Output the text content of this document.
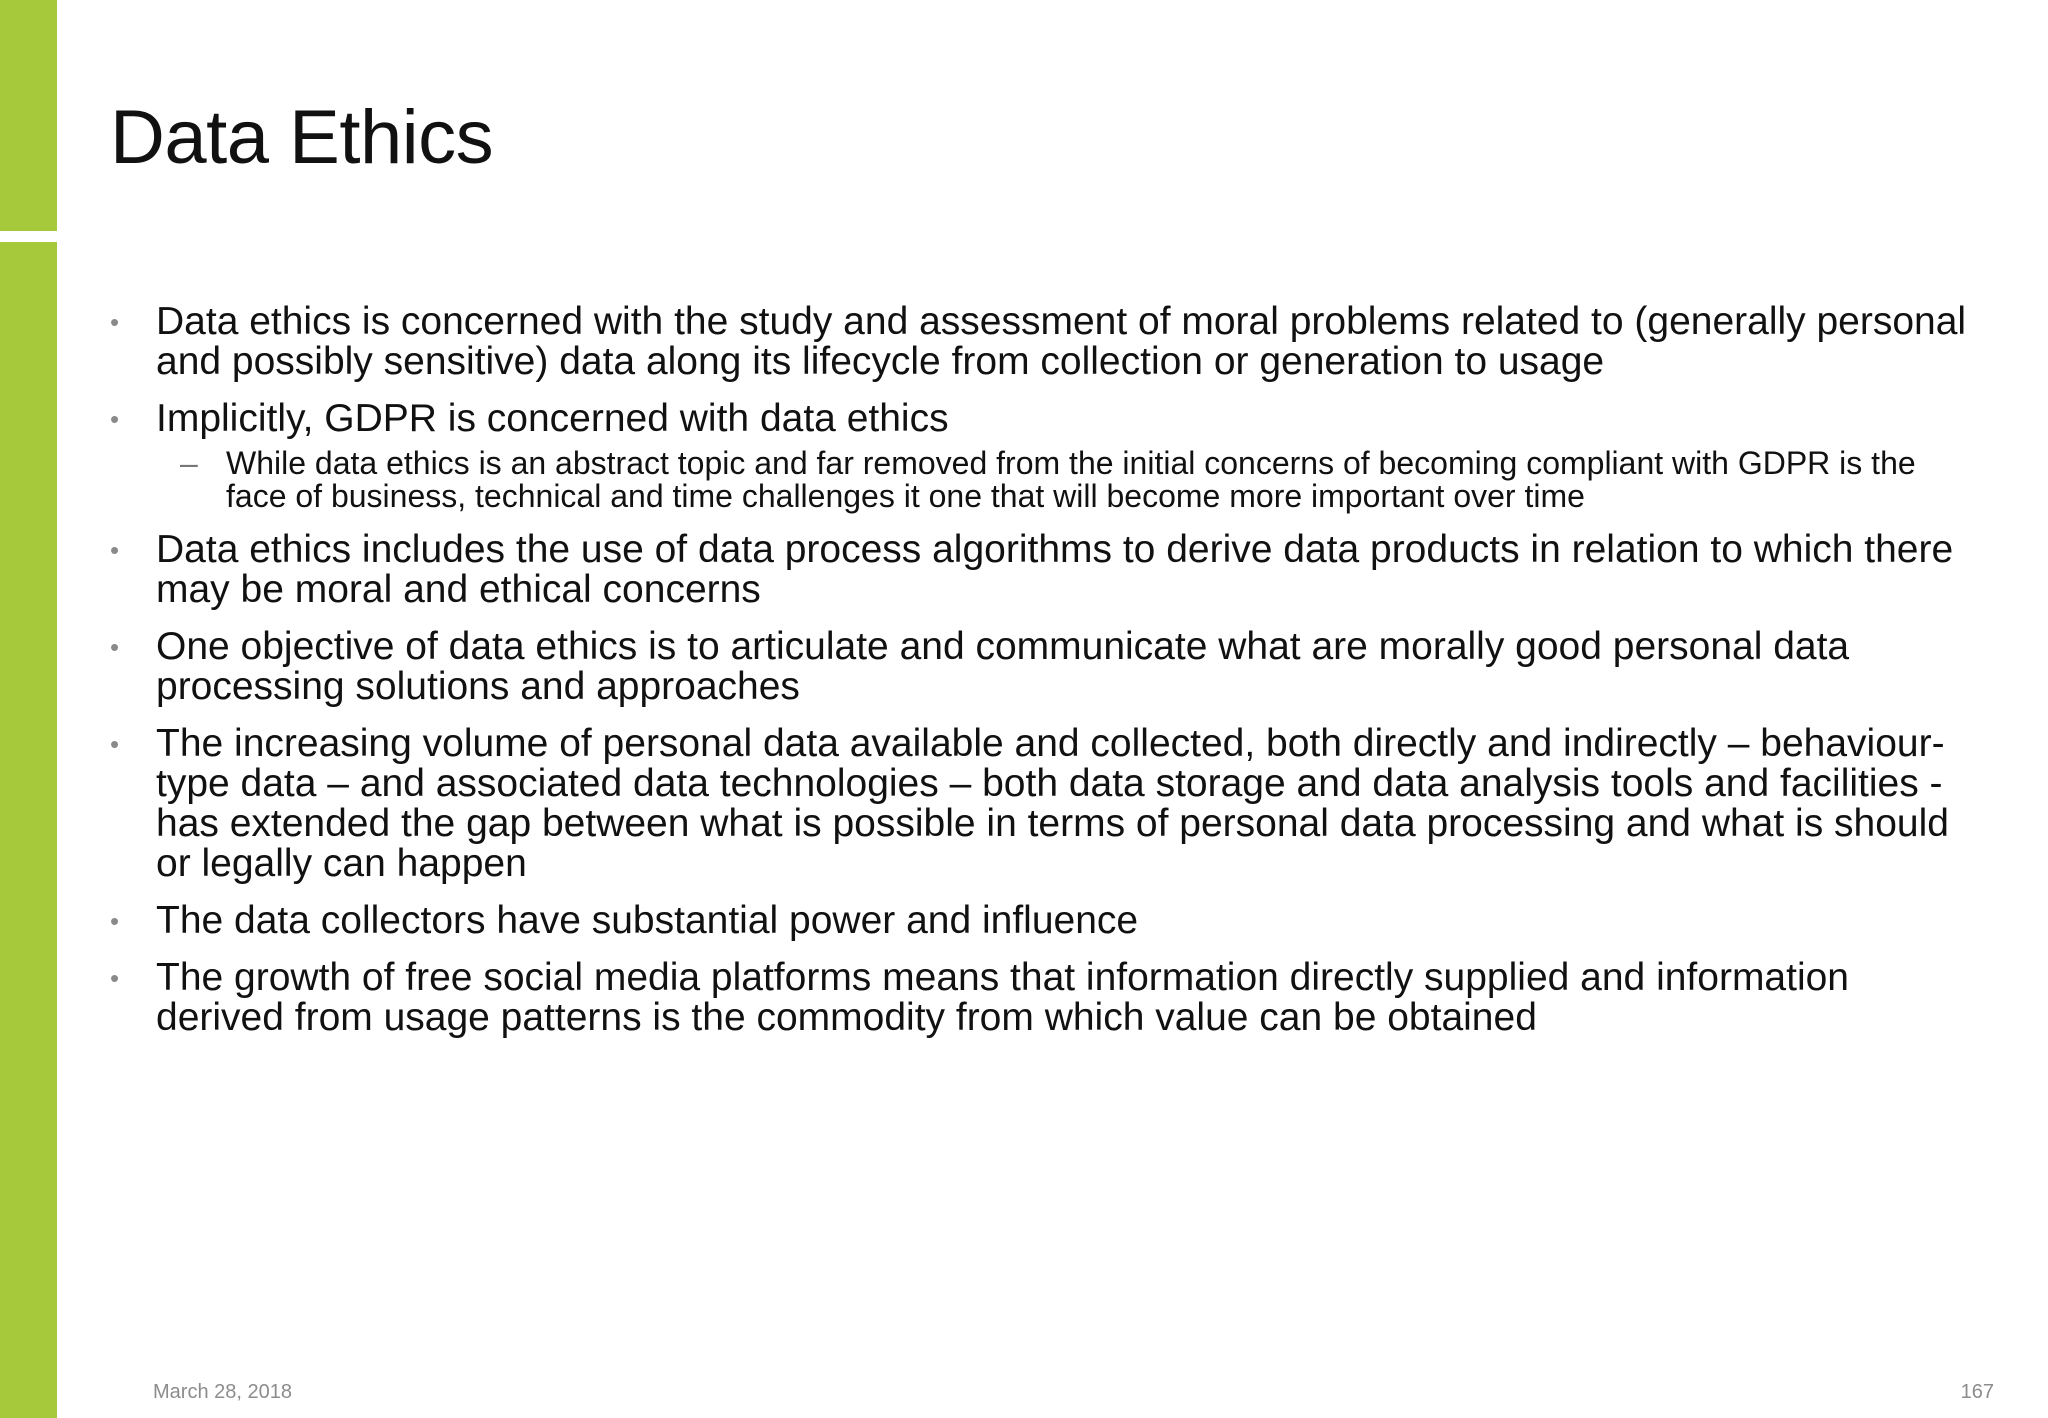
Data Ethics
• Data ethics is concerned with the study and assessment of moral problems related to (generally personal and possibly sensitive) data along its lifecycle from collection or generation to usage
• Implicitly, GDPR is concerned with data ethics
– While data ethics is an abstract topic and far removed from the initial concerns of becoming compliant with GDPR is the face of business, technical and time challenges it one that will become more important over time
• Data ethics includes the use of data process algorithms to derive data products in relation to which there may be moral and ethical concerns
• One objective of data ethics is to articulate and communicate what are morally good personal data processing solutions and approaches
• The increasing volume of personal data available and collected, both directly and indirectly – behaviour-type data – and associated data technologies – both data storage and data analysis tools and facilities - has extended the gap between what is possible in terms of personal data processing and what is should or legally can happen
• The data collectors have substantial power and influence
• The growth of free social media platforms means that information directly supplied and information derived from usage patterns is the commodity from which value can be obtained
March 28, 2018	167
